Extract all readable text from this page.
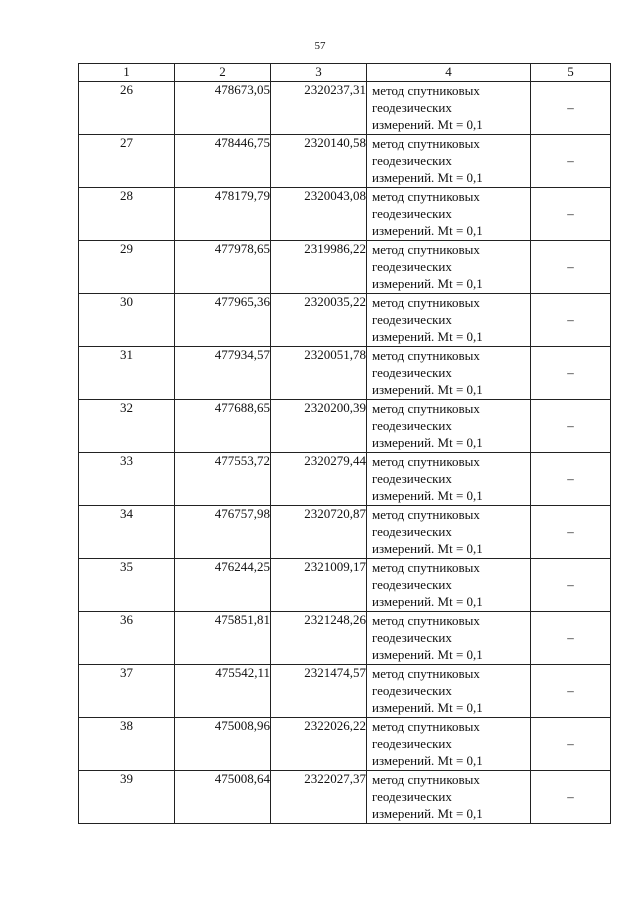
57
1	2	3	4	5
26	478673,05	2320237,31	метод спутниковых
геодезических
измерений. Mt = 0,1	–
27	478446,75	2320140,58	метод спутниковых
геодезических
измерений. Mt = 0,1	–
28	478179,79	2320043,08	метод спутниковых
геодезических
измерений. Mt = 0,1	–
29	477978,65	2319986,22	метод спутниковых
геодезических
измерений. Mt = 0,1	–
30	477965,36	2320035,22	метод спутниковых
геодезических
измерений. Mt = 0,1	–
31	477934,57	2320051,78	метод спутниковых
геодезических
измерений. Mt = 0,1	–
32	477688,65	2320200,39	метод спутниковых
геодезических
измерений. Mt = 0,1	–
33	477553,72	2320279,44	метод спутниковых
геодезических
измерений. Mt = 0,1	–
34	476757,98	2320720,87	метод спутниковых
геодезических
измерений. Mt = 0,1	–
35	476244,25	2321009,17	метод спутниковых
геодезических
измерений. Mt = 0,1	–
36	475851,81	2321248,26	метод спутниковых
геодезических
измерений. Mt = 0,1	–
37	475542,11	2321474,57	метод спутниковых
геодезических
измерений. Mt = 0,1	–
38	475008,96	2322026,22	метод спутниковых
геодезических
измерений. Mt = 0,1	–
39	475008,64	2322027,37	метод спутниковых
геодезических
измерений. Mt = 0,1	–
